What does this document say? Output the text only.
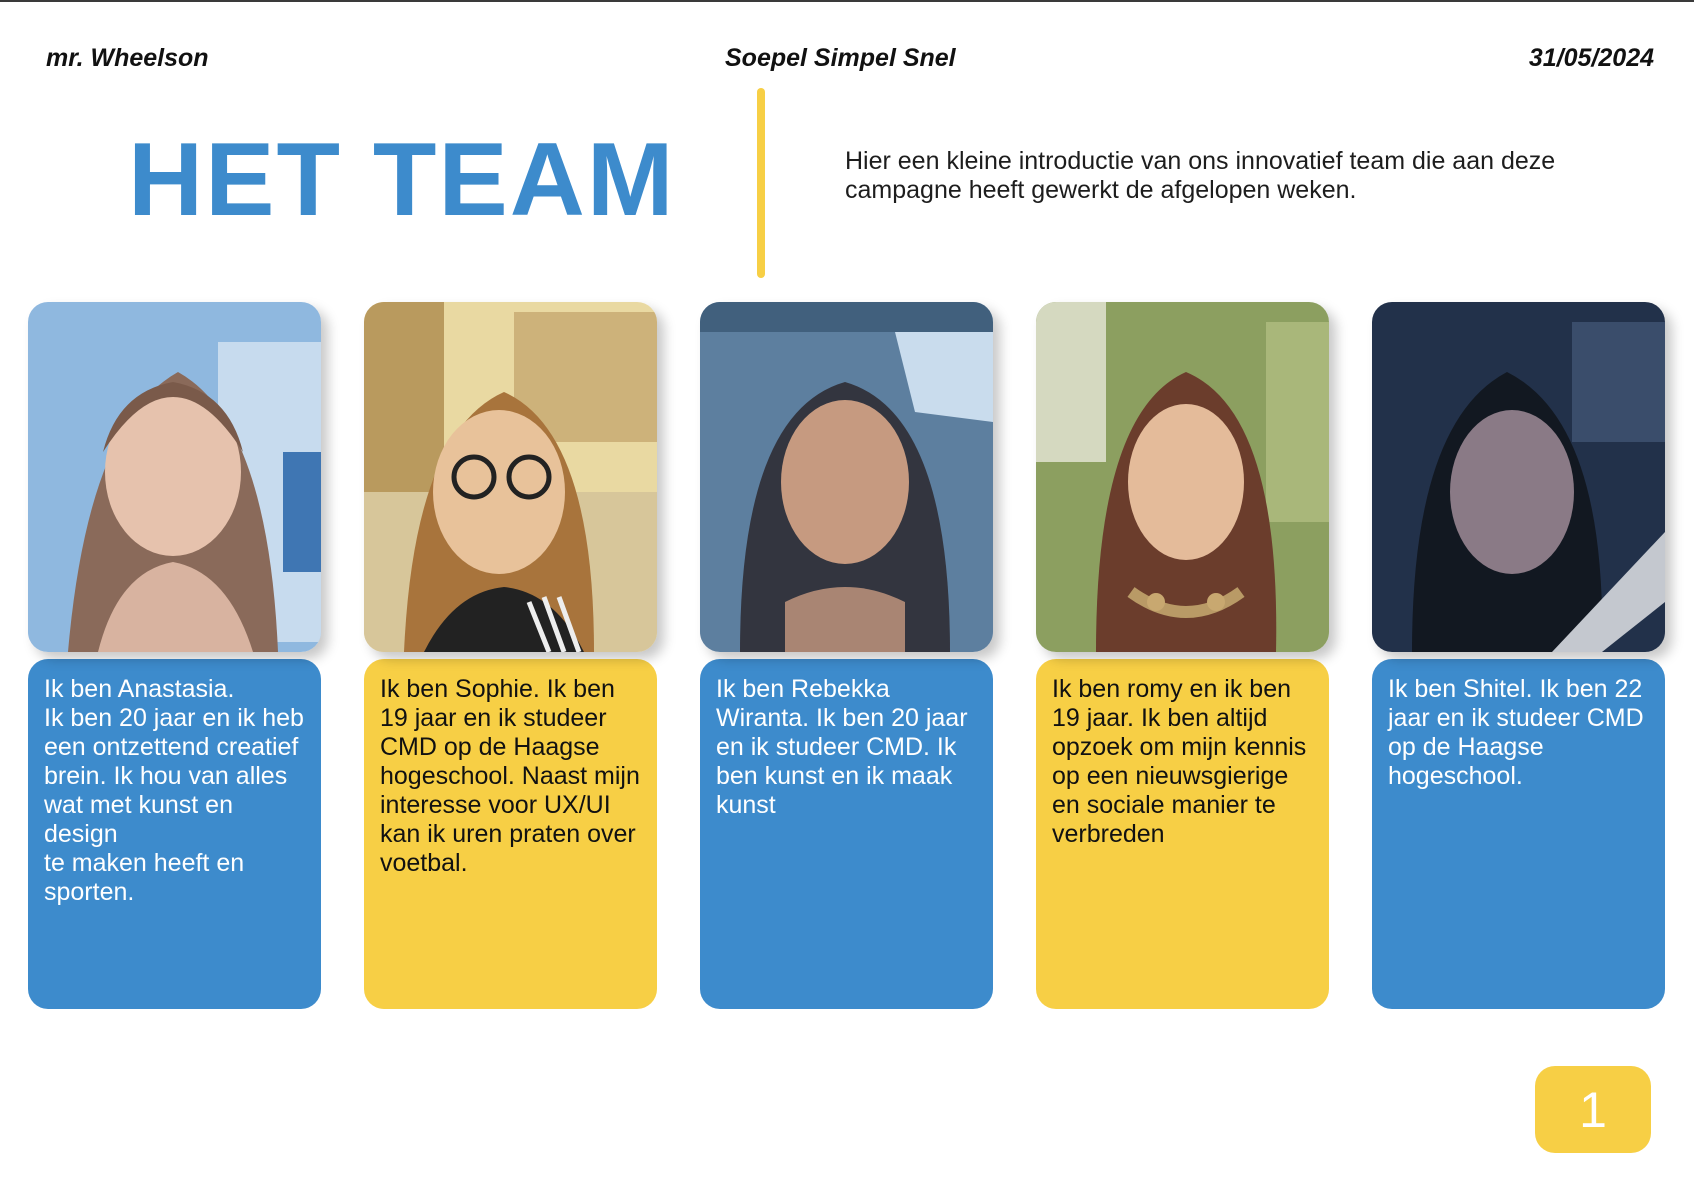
mr. Wheelson	Soepel Simpel Snel	31/05/2024
HET TEAM	Hier een kleine introductie van ons innovatief team die aan deze campagne heeft gewerkt de afgelopen weken.
Ik ben Anastasia.
Ik ben 20 jaar en ik heb een ontzettend creatief brein. Ik hou van alles wat met kunst en design
te maken heeft en sporten.
Ik ben Sophie. Ik ben 19 jaar en ik studeer CMD op de Haagse hogeschool. Naast mijn interesse voor UX/UI kan ik uren praten over voetbal.
Ik ben Rebekka Wiranta. Ik ben 20 jaar en ik studeer CMD. Ik ben kunst en ik maak kunst
Ik ben romy en ik ben 19 jaar. Ik ben altijd opzoek om mijn kennis op een nieuwsgierige en sociale manier te verbreden
Ik ben Shitel. Ik ben 22 jaar en ik studeer CMD op de Haagse hogeschool.
1
